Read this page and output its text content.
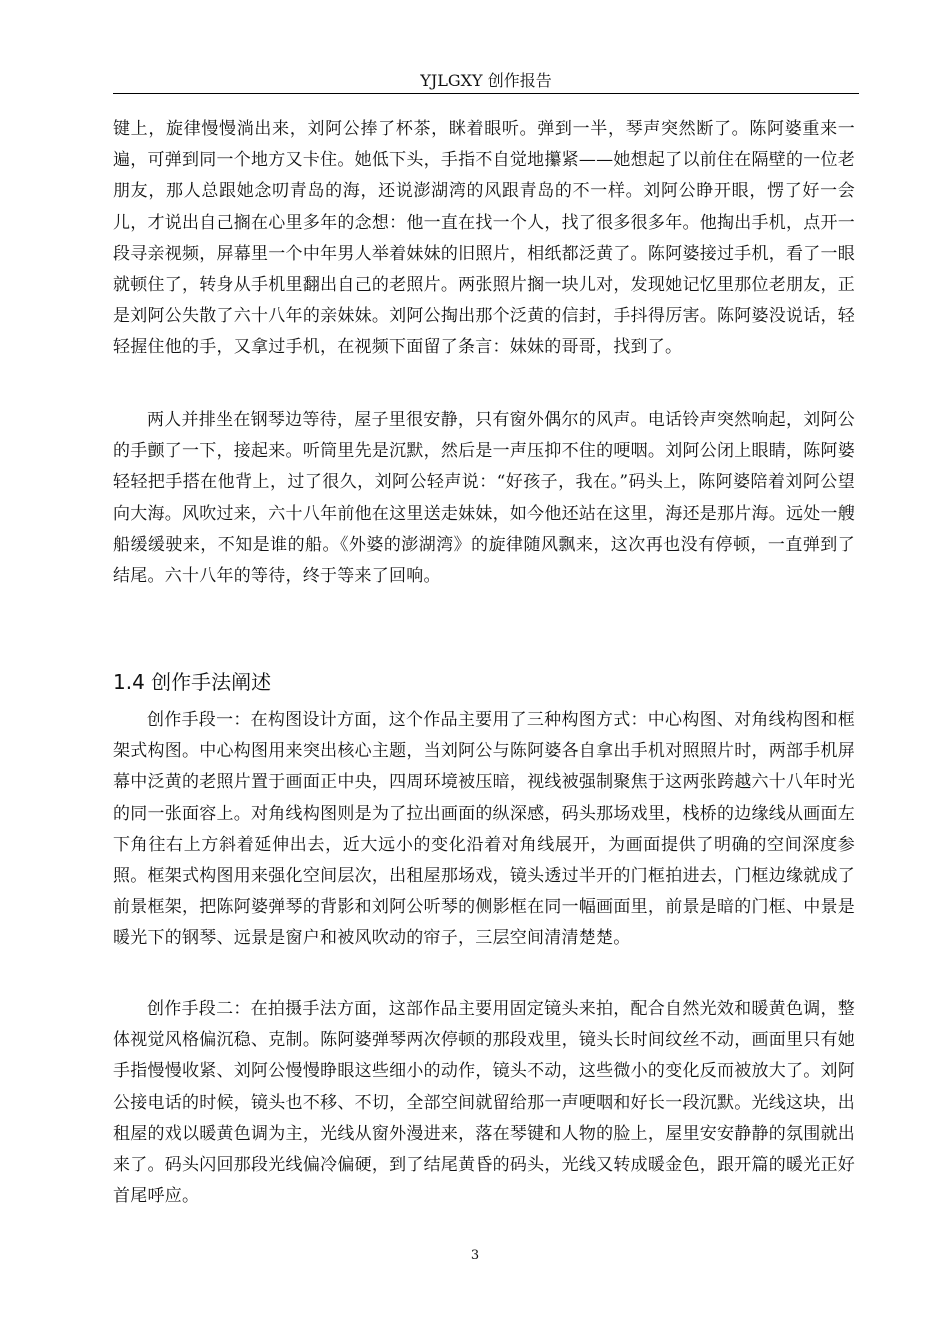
YJLGXY 创作报告

键上，旋律慢慢淌出来，刘阿公捧了杯茶，眯着眼听。弹到一半，琴声突然断了。陈阿婆重来一遍，可弹到同一个地方又卡住。她低下头，手指不自觉地攥紧——她想起了以前住在隔壁的一位老朋友，那人总跟她念叨青岛的海，还说澎湖湾的风跟青岛的不一样。刘阿公睁开眼，愣了好一会儿，才说出自己搁在心里多年的念想：他一直在找一个人，找了很多很多年。他掏出手机，点开一段寻亲视频，屏幕里一个中年男人举着妹妹的旧照片，相纸都泛黄了。陈阿婆接过手机，看了一眼就顿住了，转身从手机里翻出自己的老照片。两张照片搁一块儿对，发现她记忆里那位老朋友，正是刘阿公失散了六十八年的亲妹妹。刘阿公掏出那个泛黄的信封，手抖得厉害。陈阿婆没说话，轻轻握住他的手，又拿过手机，在视频下面留了条言：妹妹的哥哥，找到了。

两人并排坐在钢琴边等待，屋子里很安静，只有窗外偶尔的风声。电话铃声突然响起，刘阿公的手颤了一下，接起来。听筒里先是沉默，然后是一声压抑不住的哽咽。刘阿公闭上眼睛，陈阿婆轻轻把手搭在他背上，过了很久，刘阿公轻声说：“好孩子，我在。”码头上，陈阿婆陪着刘阿公望向大海。风吹过来，六十八年前他在这里送走妹妹，如今他还站在这里，海还是那片海。远处一艘船缓缓驶来，不知是谁的船。《外婆的澎湖湾》的旋律随风飘来，这次再也没有停顿，一直弹到了结尾。六十八年的等待，终于等来了回响。

1.4 创作手法阐述

创作手段一：在构图设计方面，这个作品主要用了三种构图方式：中心构图、对角线构图和框架式构图。中心构图用来突出核心主题，当刘阿公与陈阿婆各自拿出手机对照照片时，两部手机屏幕中泛黄的老照片置于画面正中央，四周环境被压暗，视线被强制聚焦于这两张跨越六十八年时光的同一张面容上。对角线构图则是为了拉出画面的纵深感，码头那场戏里，栈桥的边缘线从画面左下角往右上方斜着延伸出去，近大远小的变化沿着对角线展开，为画面提供了明确的空间深度参照。框架式构图用来强化空间层次，出租屋那场戏，镜头透过半开的门框拍进去，门框边缘就成了前景框架，把陈阿婆弹琴的背影和刘阿公听琴的侧影框在同一幅画面里，前景是暗的门框、中景是暖光下的钢琴、远景是窗户和被风吹动的帘子，三层空间清清楚楚。

创作手段二：在拍摄手法方面，这部作品主要用固定镜头来拍，配合自然光效和暖黄色调，整体视觉风格偏沉稳、克制。陈阿婆弹琴两次停顿的那段戏里，镜头长时间纹丝不动，画面里只有她手指慢慢收紧、刘阿公慢慢睁眼这些细小的动作，镜头不动，这些微小的变化反而被放大了。刘阿公接电话的时候，镜头也不移、不切，全部空间就留给那一声哽咽和好长一段沉默。光线这块，出租屋的戏以暖黄色调为主，光线从窗外漫进来，落在琴键和人物的脸上，屋里安安静静的氛围就出来了。码头闪回那段光线偏冷偏硬，到了结尾黄昏的码头，光线又转成暖金色，跟开篇的暖光正好首尾呼应。

3
